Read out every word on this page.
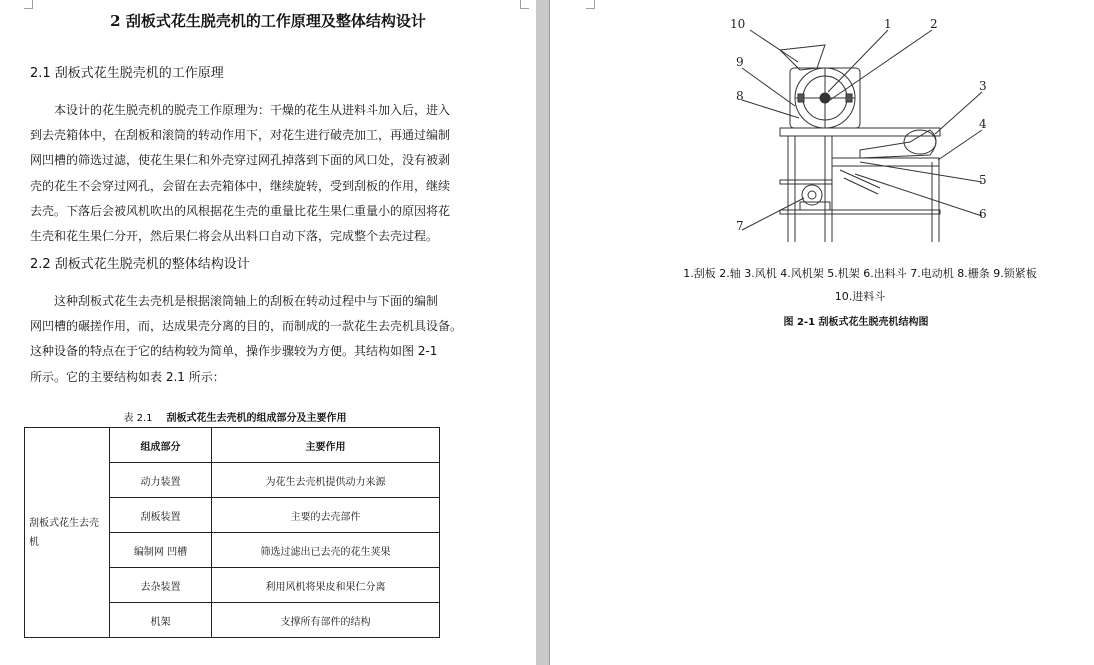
2 刮板式花生脱壳机的工作原理及整体结构设计
2.1 刮板式花生脱壳机的工作原理

本设计的花生脱壳机的脱壳工作原理为：干燥的花生从进料斗加入后，进入
到去壳箱体中，在刮板和滚筒的转动作用下，对花生进行破壳加工，再通过编制
网凹槽的筛选过滤，使花生果仁和外壳穿过网孔掉落到下面的风口处，没有被剥
壳的花生不会穿过网孔，会留在去壳箱体中，继续旋转，受到刮板的作用，继续
去壳。下落后会被风机吹出的风根据花生壳的重量比花生果仁重量小的原因将花
生壳和花生果仁分开，然后果仁将会从出料口自动下落，完成整个去壳过程。

2.2 刮板式花生脱壳机的整体结构设计

这种刮板式花生去壳机是根据滚筒轴上的刮板在转动过程中与下面的编制
网凹槽的碾搓作用，而，达成果壳分离的目的，而制成的一款花生去壳机具设备。
这种设备的特点在于它的结构较为简单，操作步骤较为方便。其结构如图 2-1
所示。它的主要结构如表 2.1 所示：

表 2.1 刮板式花生去壳机的组成部分及主要作用
刮板式花生去壳机	组成部分	主要作用
	动力装置	为花生去壳机提供动力来源
	刮板装置	主要的去壳部件
	编制网 凹槽	筛选过滤出已去壳的花生荚果
	去杂装置	利用风机将果皮和果仁分离
	机架	支撑所有部件的结构
10	1	2
9
8
3
4
5
6
7
1.刮板 2.轴 3.风机 4.风机架 5.机架 6.出料斗 7.电动机 8.栅条 9.锁紧板
10.进料斗
图 2-1 刮板式花生脱壳机结构图
